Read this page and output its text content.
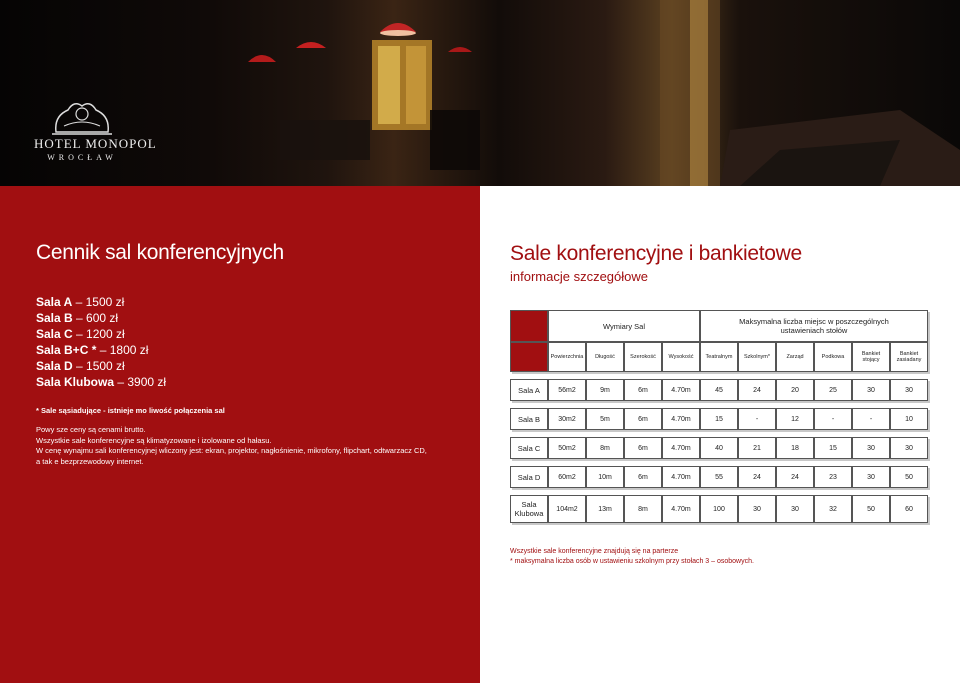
HOTEL MONOPOL
WROCŁAW
Cennik sal konferencyjnych
Sala A – 1500 zł
Sala B – 600 zł
Sala C – 1200 zł
Sala B+C * – 1800 zł
Sala D – 1500 zł
Sala Klubowa – 3900 zł
* Sale sąsiadujące - istnieje mo liwość połączenia sal
Powy sze ceny są cenami brutto.
Wszystkie sale konferencyjne są klimatyzowane i izolowane od hałasu.
W cenę wynajmu sali konferencyjnej wliczony jest: ekran, projektor, nagłośnienie, mikrofony, flipchart, odtwarzacz CD,
a tak e bezprzewodowy internet.
Sale konferencyjne i bankietowe
informacje szczegółowe
	Wymiary Sal				Maksymalna liczba miejsc w poszczególnych
ustawieniach stołów					
	Powierzchnia	Długość	Szerokość	Wysokość	Teatralnym	Szkolnym*	Zarząd	Podkowa	Bankiet stojący	Bankiet zasiadany

Sala A	56m2	9m	6m	4.70m	45	24	20	25	30	30

Sala B	30m2	5m	6m	4.70m	15	-	12	-	-	10

Sala C	50m2	8m	6m	4.70m	40	21	18	15	30	30

Sala D	60m2	10m	6m	4.70m	55	24	24	23	30	50

Sala Klubowa	104m2	13m	8m	4.70m	100	30	30	32	50	60
Wszystkie sale konferencyjne znajdują się na parterze
* maksymalna liczba osób w ustawieniu szkolnym przy stołach 3 – osobowych.
